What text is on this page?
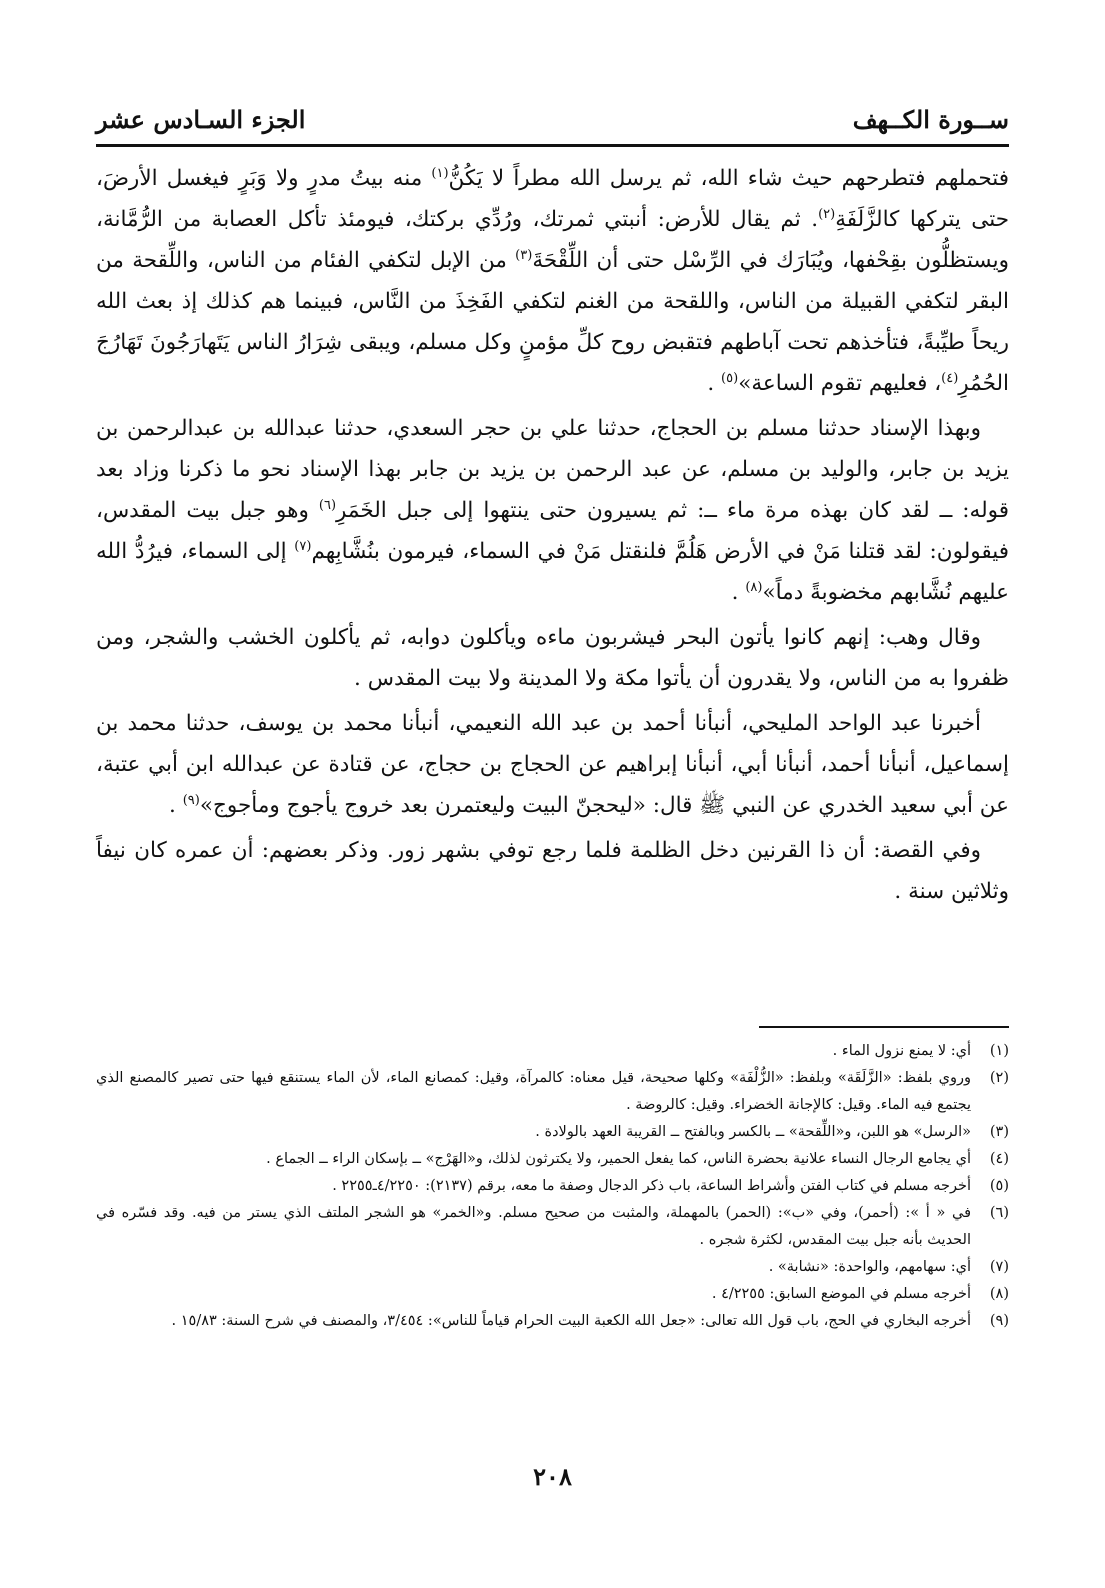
ســورة الكــهف
الجزء السـادس عشر

فتحملهم فتطرحهم حيث شاء الله، ثم يرسل الله مطراً لا يَكُنُّ$^{(١)}$ منه بيتُ مدرٍ ولا وَبَرٍ فيغسل الأرضَ، حتى يتركها كالزَّلَفَةِ$^{(٢)}$. ثم يقال للأرض: أنبتي ثمرتك، ورُدِّي بركتك، فيومئذ تأكل العصابة من الرُّمَّانة، ويستظلُّون بقِحْفها، ويُبَارَك في الرِّسْل حتى أن اللِّقْحَةَ$^{(٣)}$ من الإبل لتكفي الفئام من الناس، واللِّقحة من البقر لتكفي القبيلة من الناس، واللقحة من الغنم لتكفي الفَخِذَ من النَّاس، فبينما هم كذلك إذ بعث الله ريحاً طيِّبةً، فتأخذهم تحت آباطهم فتقبض روح كلِّ مؤمنٍ وكل مسلم، ويبقى شِرَارُ الناس يَتَهارَجُونَ تَهَارُجَ الحُمُرِ$^{(٤)}$، فعليهم تقوم الساعة»$^{(٥)}$ .

وبهذا الإسناد حدثنا مسلم بن الحجاج، حدثنا علي بن حجر السعدي، حدثنا عبدالله بن عبدالرحمن بن يزيد بن جابر، والوليد بن مسلم، عن عبد الرحمن بن يزيد بن جابر بهذا الإسناد نحو ما ذكرنا وزاد بعد قوله: ــ لقد كان بهذه مرة ماء ــ: ثم يسيرون حتى ينتهوا إلى جبل الخَمَرِ$^{(٦)}$ وهو جبل بيت المقدس، فيقولون: لقد قتلنا مَنْ في الأرض هَلُمَّ فلنقتل مَنْ في السماء، فيرمون بنُشَّابِهم$^{(٧)}$ إلى السماء، فيرُدُّ الله عليهم نُشَّابهم مخضوبةً دماً»$^{(٨)}$ .

وقال وهب: إنهم كانوا يأتون البحر فيشربون ماءه ويأكلون دوابه، ثم يأكلون الخشب والشجر، ومن ظفروا به من الناس، ولا يقدرون أن يأتوا مكة ولا المدينة ولا بيت المقدس .

أخبرنا عبد الواحد المليحي، أنبأنا أحمد بن عبد الله النعيمي، أنبأنا محمد بن يوسف، حدثنا محمد بن إسماعيل، أنبأنا أحمد، أنبأنا أبي، أنبأنا إبراهيم عن الحجاج بن حجاج، عن قتادة عن عبدالله ابن أبي عتبة، عن أبي سعيد الخدري عن النبي ﷺ قال: «ليحجنّ البيت وليعتمرن بعد خروج يأجوج ومأجوج»$^{(٩)}$ .

وفي القصة: أن ذا القرنين دخل الظلمة فلما رجع توفي بشهر زور. وذكر بعضهم: أن عمره كان نيفاً وثلاثين سنة .

(١)
أي: لا يمنع نزول الماء .
(٢)
وروي بلفظ: «الزَّلَقَة» وبلفظ: «الزُّلْفَة» وكلها صحيحة، قيل معناه: كالمرآة، وقيل: كمصانع الماء، لأن الماء يستنقع فيها حتى تصير كالمصنع الذي يجتمع فيه الماء. وقيل: كالإجانة الخضراء. وقيل: كالروضة .
(٣)
«الرسل» هو اللبن، و«اللِّقحة» ــ بالكسر وبالفتح ــ القريبة العهد بالولادة .
(٤)
أي يجامع الرجال النساء علانية بحضرة الناس، كما يفعل الحمير، ولا يكترثون لذلك، و«الهَرْج» ــ بإسكان الراء ــ الجماع .
(٥)
أخرجه مسلم في كتاب الفتن وأشراط الساعة، باب ذكر الدجال وصفة ما معه، برقم (٢١٣٧): ٤/٢٢٥٠ـ٢٢٥٥ .
(٦)
في « أ »: (أحمر)، وفي «ب»: (الحمر) بالمهملة، والمثبت من صحيح مسلم. و«الخمر» هو الشجر الملتف الذي يستر من فيه. وقد فسّره في الحديث بأنه جبل بيت المقدس، لكثرة شجره .
(٧)
أي: سهامهم، والواحدة: «نشابة» .
(٨)
أخرجه مسلم في الموضع السابق: ٤/٢٢٥٥ .
(٩)
أخرجه البخاري في الحج، باب قول الله تعالى: «جعل الله الكعبة البيت الحرام قياماً للناس»: ٣/٤٥٤، والمصنف في شرح السنة: ١٥/٨٣ .
٢٠٨
